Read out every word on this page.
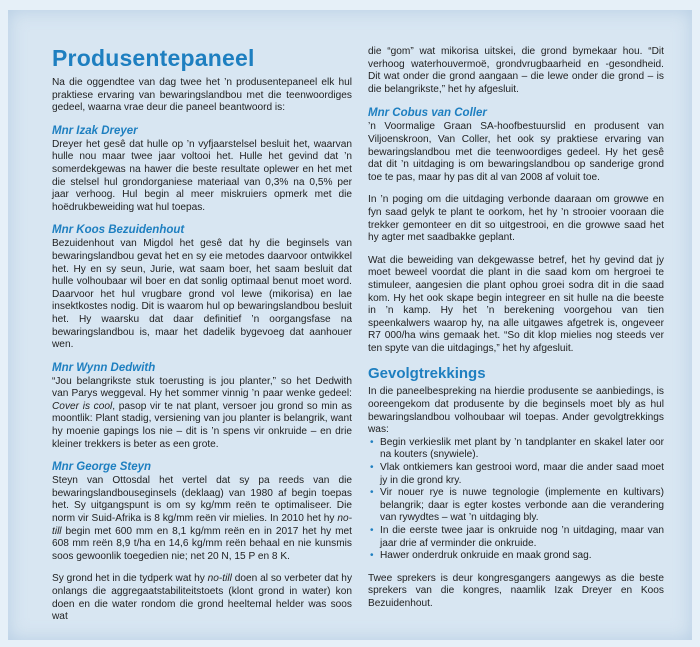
Produsentepaneel

Na die oggendtee van dag twee het ’n produsentepaneel elk hul praktiese ervaring van bewaringslandbou met die teenwoordiges gedeel, waarna vrae deur die paneel beantwoord is:

Mnr Izak Dreyer

Dreyer het gesê dat hulle op ’n vyfjaarstelsel besluit het, waarvan hulle nou maar twee jaar voltooi het. Hulle het gevind dat ’n somerdekgewas na hawer die beste resultate oplewer en het met die stelsel hul grondorganiese materiaal van 0,3% na 0,5% per jaar verhoog. Hul begin al meer miskruiers opmerk met die hoëdrukbeweiding wat hul toepas.

Mnr Koos Bezuidenhout

Bezuidenhout van Migdol het gesê dat hy die beginsels van bewaringslandbou gevat het en sy eie metodes daarvoor ontwikkel het. Hy en sy seun, Jurie, wat saam boer, het saam besluit dat hulle volhoubaar wil boer en dat sonlig optimaal benut moet word. Daarvoor het hul vrugbare grond vol lewe (mikorisa) en lae insektkostes nodig. Dit is waarom hul op bewaringslandbou besluit het. Hy waarsku dat daar definitief ’n oorgangsfase na bewaringslandbou is, maar het dadelik bygevoeg dat aanhouer wen.

Mnr Wynn Dedwith

“Jou belangrikste stuk toerusting is jou planter,” so het Dedwith van Parys weggeval. Hy het sommer vinnig ’n paar wenke gedeel: Cover is cool, pasop vir te nat plant, versoer jou grond so min as moontlik: Plant stadig, versiening van jou planter is belangrik, want hy moenie gapings los nie – dit is ’n spens vir onkruide – en drie kleiner trekkers is beter as een grote.

Mnr George Steyn

Steyn van Ottosdal het vertel dat sy pa reeds van die bewaringslandbouseginsels (deklaag) van 1980 af begin toepas het. Sy uitgangspunt is om sy kg/mm reën te optimaliseer. Die norm vir Suid-Afrika is 8 kg/mm reën vir mielies. In 2010 het hy no-till begin met 600 mm en 8,1 kg/mm reën en in 2017 het hy met 608 mm reën 8,9 t/ha en 14,6 kg/mm reën behaal en nie kunsmis soos gewoonlik toegedien nie; net 20 N, 15 P en 8 K.

Sy grond het in die tydperk wat hy no-till doen al so verbeter dat hy onlangs die aggregaatstabiliteitstoets (klont grond in water) kon doen en die water rondom die grond heeltemal helder was soos wat

die “gom” wat mikorisa uitskei, die grond bymekaar hou. “Dit verhoog waterhouvermoë, grondvrugbaarheid en -gesondheid. Dit wat onder die grond aangaan – die lewe onder die grond – is die belangrikste,” het hy afgesluit.

Mnr Cobus van Coller

’n Voormalige Graan SA-hoofbestuurslid en produsent van Viljoenskroon, Van Coller, het ook sy praktiese ervaring van bewaringslandbou met die teenwoordiges gedeel. Hy het gesê dat dit ’n uitdaging is om bewaringslandbou op sanderige grond toe te pas, maar hy pas dit al van 2008 af voluit toe.

In ’n poging om die uitdaging verbonde daaraan om growwe en fyn saad gelyk te plant te oorkom, het hy ’n strooier vooraan die trekker gemonteer en dit so uitgestrooi, en die growwe saad het hy agter met saadbakke geplant.

Wat die beweiding van dekgewasse betref, het hy gevind dat jy moet beweel voordat die plant in die saad kom om hergroei te stimuleer, aangesien die plant ophou groei sodra dit in die saad kom. Hy het ook skape begin integreer en sit hulle na die beeste in ’n kamp. Hy het ’n berekening voorgehou van tien speenkalwers waarop hy, na alle uitgawes afgetrek is, ongeveer R7 000/ha wins gemaak het. “So dit klop mielies nog steeds ver ten spyte van die uitdagings,” het hy afgesluit.

Gevolgtrekkings

In die paneelbespreking na hierdie produsente se aanbiedings, is ooreengekom dat produsente by die beginsels moet bly as hul bewaringslandbou volhoubaar wil toepas. Ander gevolgtrekkings was:

• Begin verkieslik met plant by ’n tandplanter en skakel later oor na kouters (snywiele).
• Vlak ontkiemers kan gestrooi word, maar die ander saad moet jy in die grond kry.
• Vir nouer rye is nuwe tegnologie (implemente en kultivars) belangrik; daar is egter kostes verbonde aan die verandering van rywydtes – wat ’n uitdaging bly.
• In die eerste twee jaar is onkruide nog ’n uitdaging, maar van jaar drie af verminder die onkruide.
• Hawer onderdruk onkruide en maak grond sag.

Twee sprekers is deur kongresgangers aangewys as die beste sprekers van die kongres, naamlik Izak Dreyer en Koos Bezuidenhout.
